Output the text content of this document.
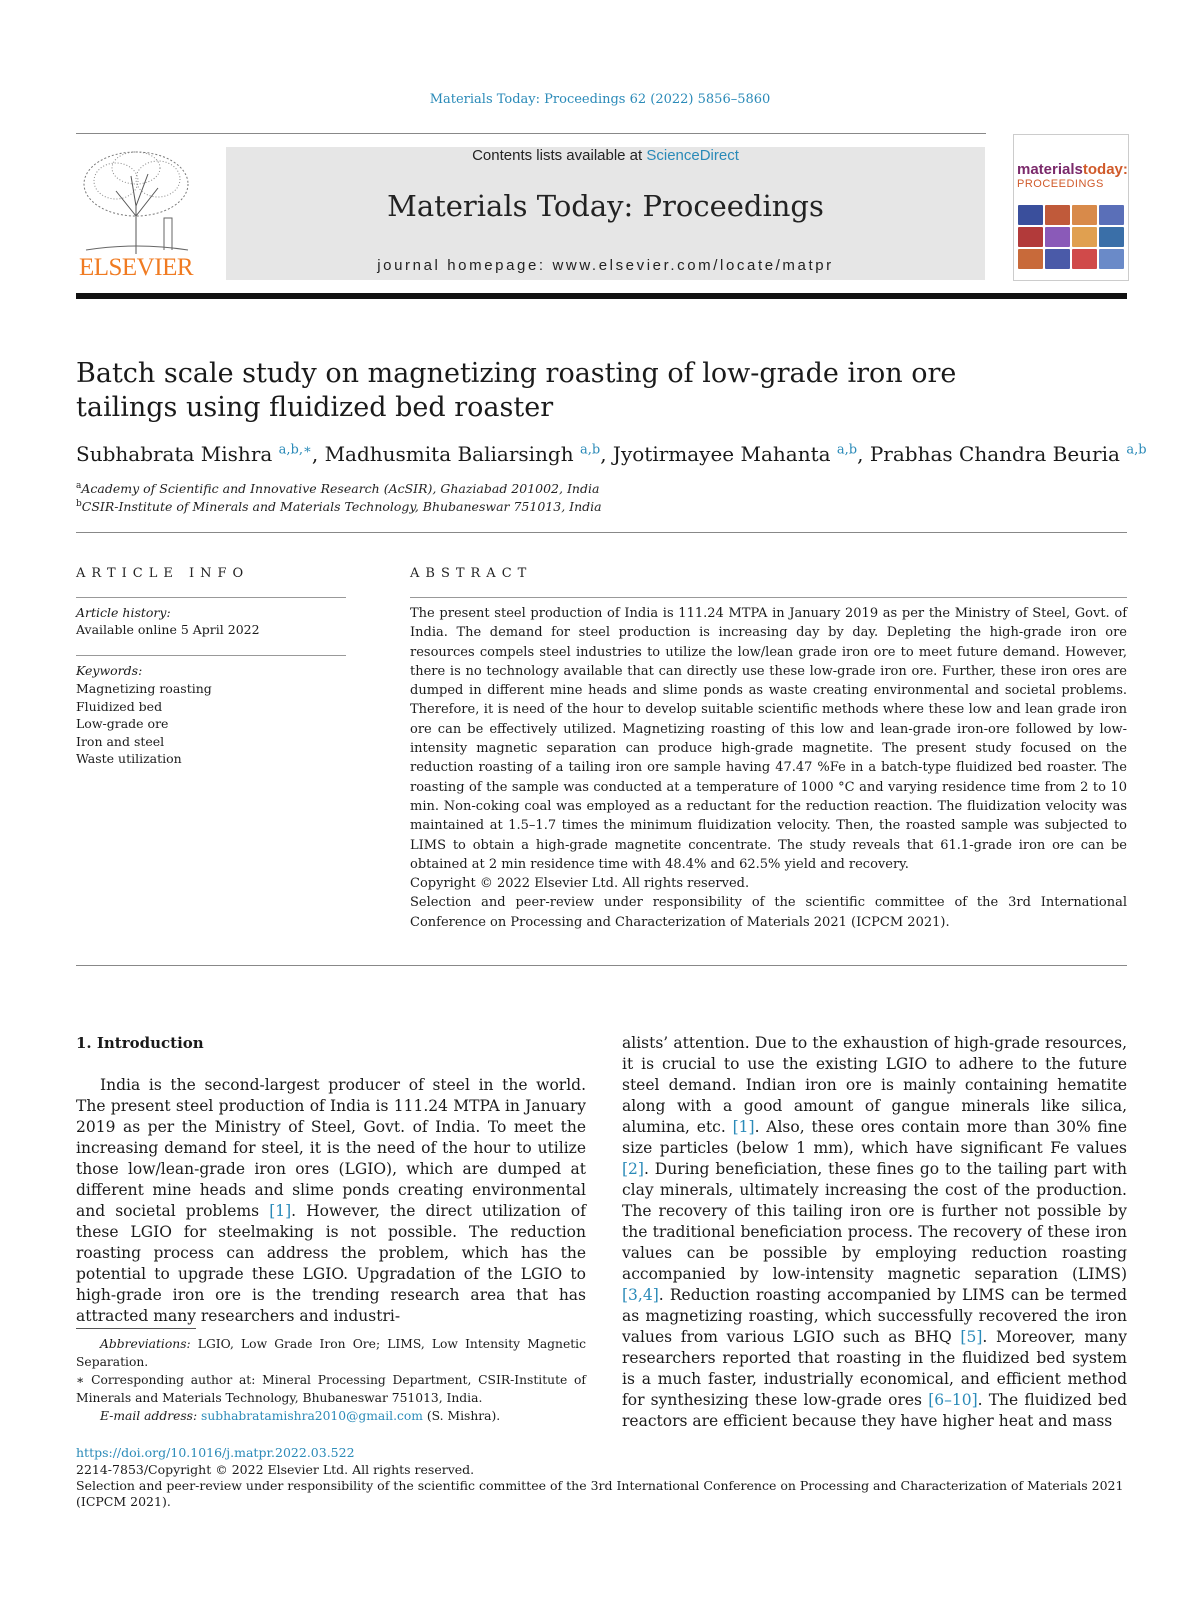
Materials Today: Proceedings 62 (2022) 5856–5860
ELSEVIER
Contents lists available at ScienceDirect
Materials Today: Proceedings
journal homepage: www.elsevier.com/locate/matpr
materialstoday:
PROCEEDINGS
Batch scale study on magnetizing roasting of low-grade iron ore tailings using fluidized bed roaster
Subhabrata Mishra $^{a,b,∗}$, Madhusmita Baliarsingh $^{a,b}$, Jyotirmayee Mahanta $^{a,b}$, Prabhas Chandra Beuria $^{a,b}$
$^a$Academy of Scientific and Innovative Research (AcSIR), Ghaziabad 201002, India
$^b$CSIR-Institute of Minerals and Materials Technology, Bhubaneswar 751013, India
ARTICLE INFO	ABSTRACT
Article history:
Available online 5 April 2022
Keywords:
Magnetizing roasting
Fluidized bed
Low-grade ore
Iron and steel
Waste utilization

The present steel production of India is 111.24 MTPA in January 2019 as per the Ministry of Steel, Govt. of India. The demand for steel production is increasing day by day. Depleting the high-grade iron ore resources compels steel industries to utilize the low/lean grade iron ore to meet future demand. However, there is no technology available that can directly use these low-grade iron ore. Further, these iron ores are dumped in different mine heads and slime ponds as waste creating environmental and societal problems. Therefore, it is need of the hour to develop suitable scientific methods where these low and lean grade iron ore can be effectively utilized. Magnetizing roasting of this low and lean-grade iron-ore followed by low-intensity magnetic separation can produce high-grade magnetite. The present study focused on the reduction roasting of a tailing iron ore sample having 47.47 %Fe in a batch-type fluidized bed roaster. The roasting of the sample was conducted at a temperature of 1000 °C and varying residence time from 2 to 10 min. Non-coking coal was employed as a reductant for the reduction reaction. The fluidization velocity was maintained at 1.5–1.7 times the minimum fluidization velocity. Then, the roasted sample was subjected to LIMS to obtain a high-grade magnetite concentrate. The study reveals that 61.1-grade iron ore can be obtained at 2 min residence time with 48.4% and 62.5% yield and recovery.

Copyright © 2022 Elsevier Ltd. All rights reserved.

Selection and peer-review under responsibility of the scientific committee of the 3rd International Conference on Processing and Characterization of Materials 2021 (ICPCM 2021).

1. Introduction

India is the second-largest producer of steel in the world. The present steel production of India is 111.24 MTPA in January 2019 as per the Ministry of Steel, Govt. of India. To meet the increasing demand for steel, it is the need of the hour to utilize those low/lean-grade iron ores (LGIO), which are dumped at different mine heads and slime ponds creating environmental and societal problems [1]. However, the direct utilization of these LGIO for steelmaking is not possible. The reduction roasting process can address the problem, which has the potential to upgrade these LGIO. Upgradation of the LGIO to high-grade iron ore is the trending research area that has attracted many researchers and industri-

alists’ attention. Due to the exhaustion of high-grade resources, it is crucial to use the existing LGIO to adhere to the future steel demand. Indian iron ore is mainly containing hematite along with a good amount of gangue minerals like silica, alumina, etc. [1]. Also, these ores contain more than 30% fine size particles (below 1 mm), which have significant Fe values [2]. During beneficiation, these fines go to the tailing part with clay minerals, ultimately increasing the cost of the production. The recovery of this tailing iron ore is further not possible by the traditional beneficiation process. The recovery of these iron values can be possible by employing reduction roasting accompanied by low-intensity magnetic separation (LIMS) [3,4]. Reduction roasting accompanied by LIMS can be termed as magnetizing roasting, which successfully recovered the iron values from various LGIO such as BHQ [5]. Moreover, many researchers reported that roasting in the fluidized bed system is a much faster, industrially economical, and efficient method for synthesizing these low-grade ores [6–10]. The fluidized bed reactors are efficient because they have higher heat and mass

Abbreviations: LGIO, Low Grade Iron Ore; LIMS, Low Intensity Magnetic Separation.

∗ Corresponding author at: Mineral Processing Department, CSIR-Institute of Minerals and Materials Technology, Bhubaneswar 751013, India.

E-mail address: subhabratamishra2010@gmail.com (S. Mishra).

https://doi.org/10.1016/j.matpr.2022.03.522
2214-7853/Copyright © 2022 Elsevier Ltd. All rights reserved.
Selection and peer-review under responsibility of the scientific committee of the 3rd International Conference on Processing and Characterization of Materials 2021 (ICPCM 2021).
